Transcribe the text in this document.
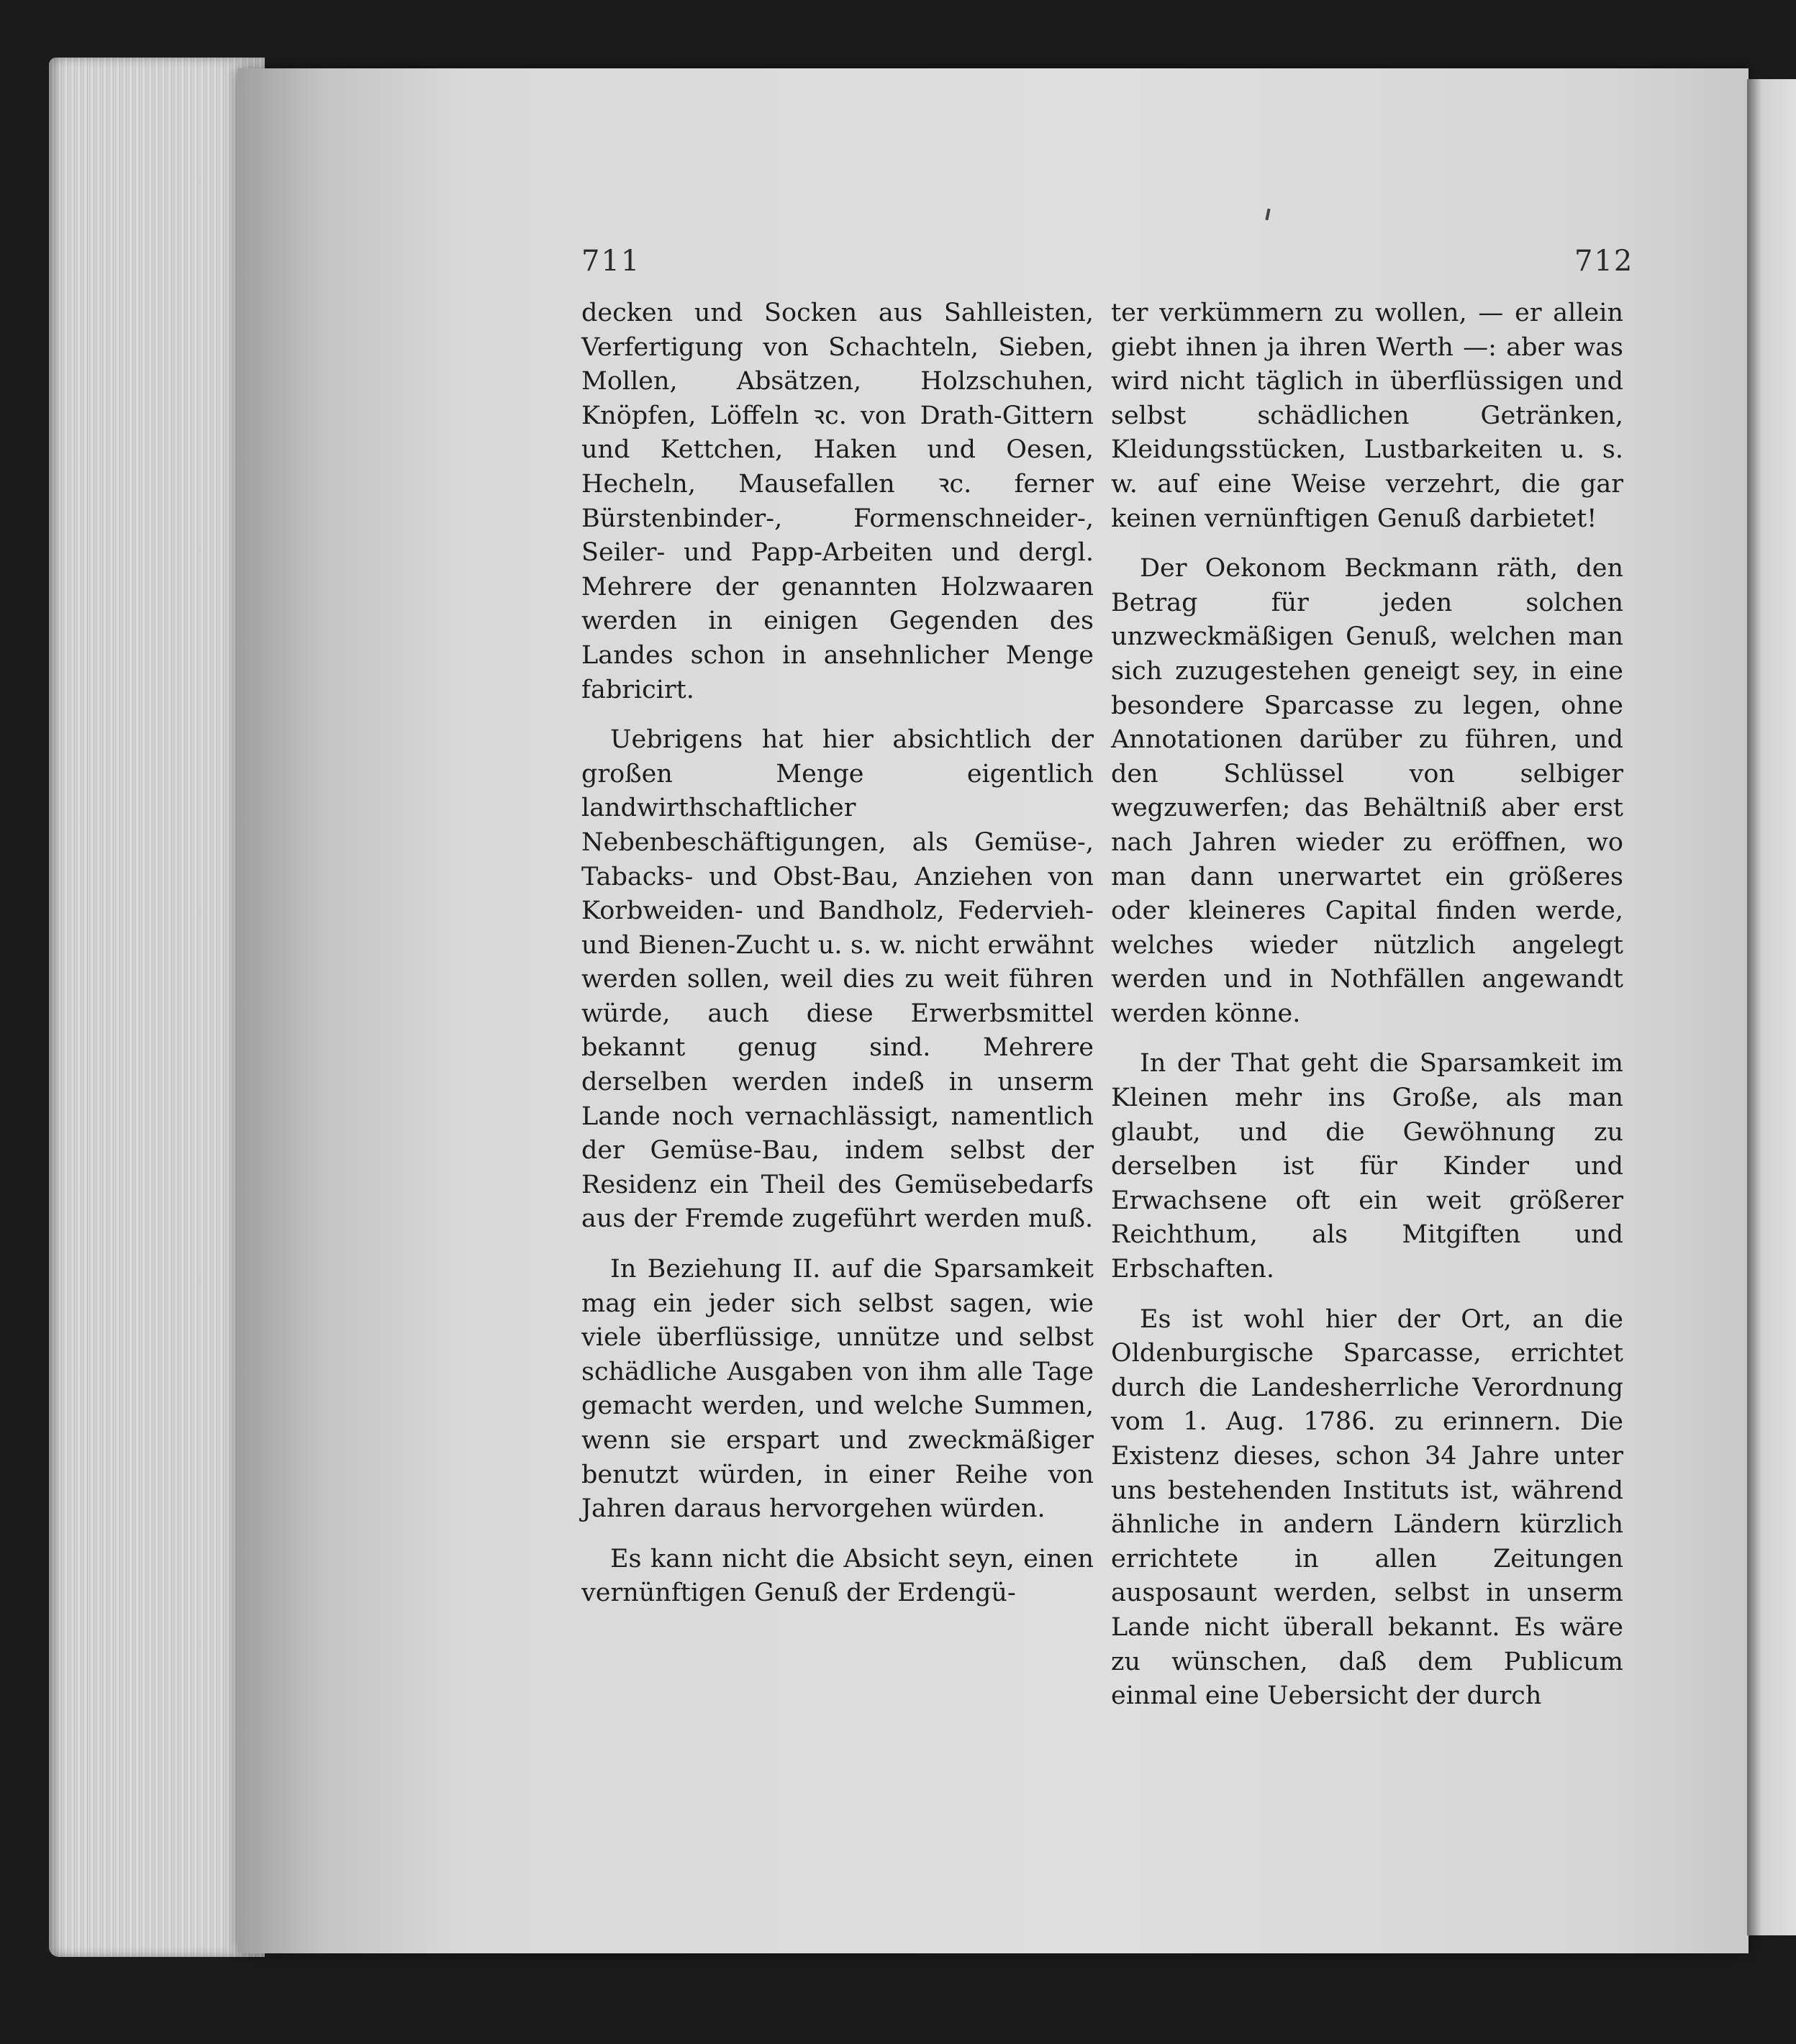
711	712

decken und Socken aus Sahlleisten, Verfertigung von Schachteln, Sieben, Mollen, Absätzen, Holzschuhen, Knöpfen, Löffeln ꝛc. von Drath-Gittern und Kettchen, Haken und Oesen, Hecheln, Mausefallen ꝛc. ferner Bürstenbinder-, Formenschneider-, Seiler- und Papp-Arbeiten und dergl. Mehrere der genannten Holzwaaren werden in einigen Gegenden des Landes schon in ansehnlicher Menge fabricirt.

Uebrigens hat hier absichtlich der großen Menge eigentlich landwirthschaftlicher Nebenbeschäftigungen, als Gemüse-, Tabacks- und Obst-Bau, Anziehen von Korbweiden- und Bandholz, Federvieh- und Bienen-Zucht u. s. w. nicht erwähnt werden sollen, weil dies zu weit führen würde, auch diese Erwerbsmittel bekannt genug sind. Mehrere derselben werden indeß in unserm Lande noch vernachlässigt, namentlich der Gemüse-Bau, indem selbst der Residenz ein Theil des Gemüsebedarfs aus der Fremde zugeführt werden muß.

In Beziehung II. auf die Sparsamkeit mag ein jeder sich selbst sagen, wie viele überflüssige, unnütze und selbst schädliche Ausgaben von ihm alle Tage gemacht werden, und welche Summen, wenn sie erspart und zweckmäßiger benutzt würden, in einer Reihe von Jahren daraus hervorgehen würden.

Es kann nicht die Absicht seyn, einen vernünftigen Genuß der Erdengü-

ter verkümmern zu wollen, — er allein giebt ihnen ja ihren Werth —: aber was wird nicht täglich in überflüssigen und selbst schädlichen Getränken, Kleidungsstücken, Lustbarkeiten u. s. w. auf eine Weise verzehrt, die gar keinen vernünftigen Genuß darbietet!

Der Oekonom Beckmann räth, den Betrag für jeden solchen unzweckmäßigen Genuß, welchen man sich zuzugestehen geneigt sey, in eine besondere Sparcasse zu legen, ohne Annotationen darüber zu führen, und den Schlüssel von selbiger wegzuwerfen; das Behältniß aber erst nach Jahren wieder zu eröffnen, wo man dann unerwartet ein größeres oder kleineres Capital finden werde, welches wieder nützlich angelegt werden und in Nothfällen angewandt werden könne.

In der That geht die Sparsamkeit im Kleinen mehr ins Große, als man glaubt, und die Gewöhnung zu derselben ist für Kinder und Erwachsene oft ein weit größerer Reichthum, als Mitgiften und Erbschaften.

Es ist wohl hier der Ort, an die Oldenburgische Sparcasse, errichtet durch die Landesherrliche Verordnung vom 1. Aug. 1786. zu erinnern. Die Existenz dieses, schon 34 Jahre unter uns bestehenden Instituts ist, während ähnliche in andern Ländern kürzlich errichtete in allen Zeitungen ausposaunt werden, selbst in unserm Lande nicht überall bekannt. Es wäre zu wünschen, daß dem Publicum einmal eine Uebersicht der durch
